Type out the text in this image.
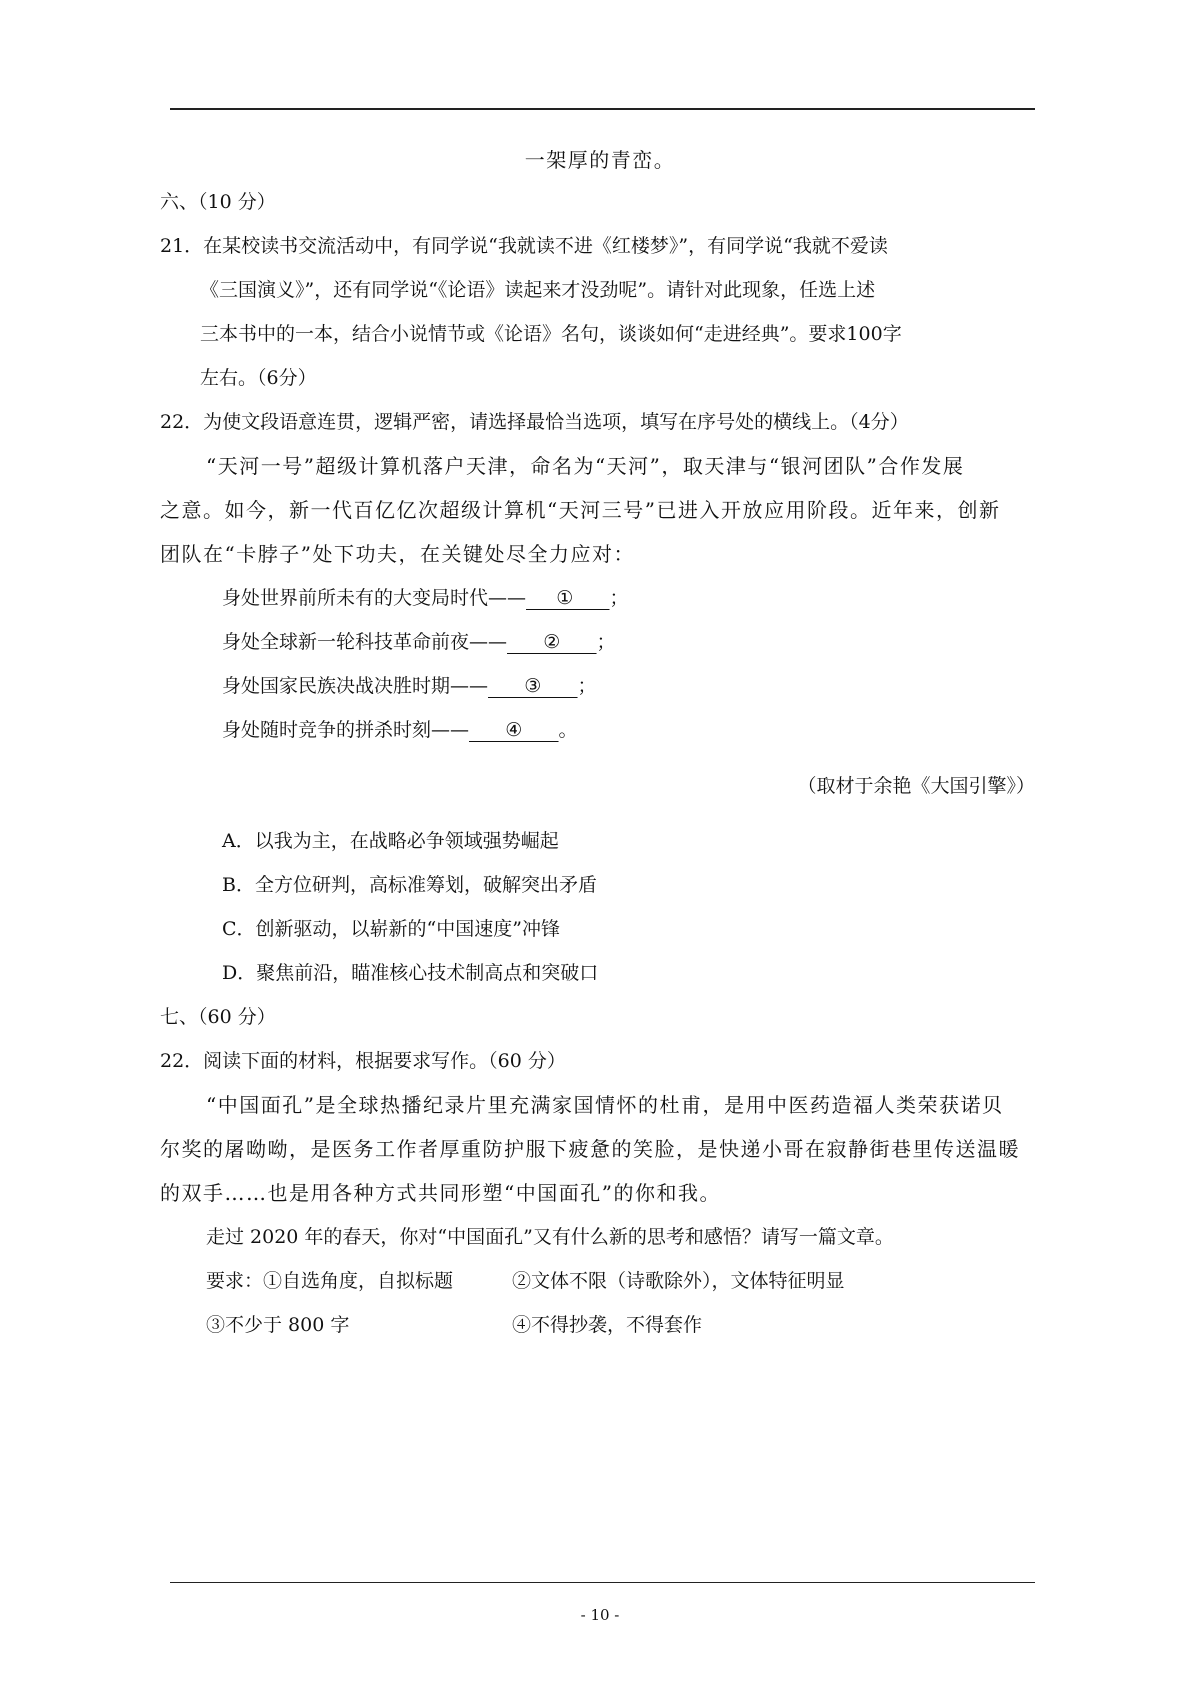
一架厚的青峦。
六、（10 分）
21．在某校读书交流活动中，有同学说“我就读不进《红楼梦》”，有同学说“我就不爱读
《三国演义》”，还有同学说“《论语》读起来才没劲呢”。请针对此现象，任选上述
三本书中的一本，结合小说情节或《论语》名句，谈谈如何“走进经典”。要求100字
左右。（6分）
22．为使文段语意连贯，逻辑严密，请选择最恰当选项，填写在序号处的横线上。（4分）
“天河一号”超级计算机落户天津，命名为“天河”，取天津与“银河团队”合作发展
之意。如今，新一代百亿亿次超级计算机“天河三号”已进入开放应用阶段。近年来，创新
团队在“卡脖子”处下功夫，在关键处尽全力应对：
身处世界前所未有的大变局时代——     ①      ；
身处全球新一轮科技革命前夜——      ②      ；
身处国家民族决战决胜时期——      ③      ；
身处随时竞争的拼杀时刻——      ④      。
（取材于余艳《大国引擎》）
A．以我为主，在战略必争领域强势崛起
B．全方位研判，高标准筹划，破解突出矛盾
C．创新驱动，以崭新的“中国速度”冲锋
D．聚焦前沿，瞄准核心技术制高点和突破口
七、（60 分）
22．阅读下面的材料，根据要求写作。（60 分）
“中国面孔”是全球热播纪录片里充满家国情怀的杜甫，是用中医药造福人类荣获诺贝
尔奖的屠呦呦，是医务工作者厚重防护服下疲惫的笑脸，是快递小哥在寂静街巷里传送温暖
的双手……也是用各种方式共同形塑“中国面孔”的你和我。
走过 2020 年的春天，你对“中国面孔”又有什么新的思考和感悟？请写一篇文章。
要求：①自选角度，自拟标题	②文体不限（诗歌除外），文体特征明显
③不少于 800 字	④不得抄袭，不得套作
- 10 -
